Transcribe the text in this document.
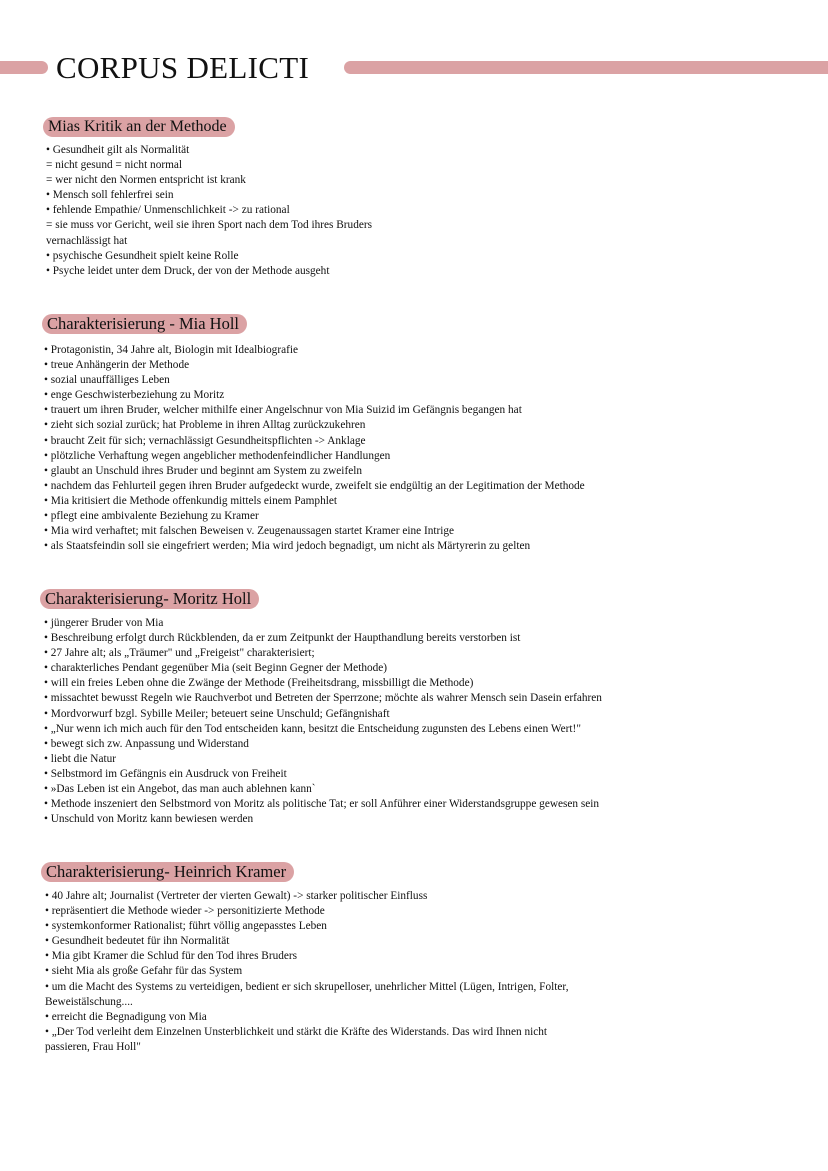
CORPUS DELICTI
Mias Kritik an der Methode
• Gesundheit gilt als Normalität
= nicht gesund = nicht normal
= wer nicht den Normen entspricht ist krank
• Mensch soll fehlerfrei sein
• fehlende Empathie/ Unmenschlichkeit -> zu rational
= sie muss vor Gericht, weil sie ihren Sport nach dem Tod ihres Bruders
vernachlässigt hat
• psychische Gesundheit spielt keine Rolle
• Psyche leidet unter dem Druck, der von der Methode ausgeht
Charakterisierung - Mia Holl
• Protagonistin, 34 Jahre alt, Biologin mit Idealbiografie
• treue Anhängerin der Methode
• sozial unauffälliges Leben
• enge Geschwisterbeziehung zu Moritz
• trauert um ihren Bruder, welcher mithilfe einer Angelschnur von Mia Suizid im Gefängnis begangen hat
• zieht sich sozial zurück; hat Probleme in ihren Alltag zurückzukehren
• braucht Zeit für sich; vernachlässigt Gesundheitspflichten -> Anklage
• plötzliche Verhaftung wegen angeblicher methodenfeindlicher Handlungen
• glaubt an Unschuld ihres Bruder und beginnt am System zu zweifeln
• nachdem das Fehlurteil gegen ihren Bruder aufgedeckt wurde, zweifelt sie endgültig an der Legitimation der Methode
• Mia kritisiert die Methode offenkundig mittels einem Pamphlet
• pflegt eine ambivalente Beziehung zu Kramer
• Mia wird verhaftet; mit falschen Beweisen v. Zeugenaussagen startet Kramer eine Intrige
• als Staatsfeindin soll sie eingefriert werden; Mia wird jedoch begnadigt, um nicht als Märtyrerin zu gelten
Charakterisierung- Moritz Holl
• jüngerer Bruder von Mia
• Beschreibung erfolgt durch Rückblenden, da er zum Zeitpunkt der Haupthandlung bereits verstorben ist
• 27 Jahre alt; als „Träumer" und „Freigeist" charakterisiert;
• charakterliches Pendant gegenüber Mia (seit Beginn Gegner der Methode)
• will ein freies Leben ohne die Zwänge der Methode (Freiheitsdrang, missbilligt die Methode)
• missachtet bewusst Regeln wie Rauchverbot und Betreten der Sperrzone; möchte als wahrer Mensch sein Dasein erfahren
• Mordvorwurf bzgl. Sybille Meiler; beteuert seine Unschuld; Gefängnishaft
• „Nur wenn ich mich auch für den Tod entscheiden kann, besitzt die Entscheidung zugunsten des Lebens einen Wert!"
• bewegt sich zw. Anpassung und Widerstand
• liebt die Natur
• Selbstmord im Gefängnis ein Ausdruck von Freiheit
• »Das Leben ist ein Angebot, das man auch ablehnen kann`
• Methode inszeniert den Selbstmord von Moritz als politische Tat; er soll Anführer einer Widerstandsgruppe gewesen sein
• Unschuld von Moritz kann bewiesen werden
Charakterisierung- Heinrich Kramer
• 40 Jahre alt; Journalist (Vertreter der vierten Gewalt) -> starker politischer Einfluss
• repräsentiert die Methode wieder -> personitizierte Methode
• systemkonformer Rationalist; führt völlig angepasstes Leben
• Gesundheit bedeutet für ihn Normalität
• Mia gibt Kramer die Schlud für den Tod ihres Bruders
• sieht Mia als große Gefahr für das System
• um die Macht des Systems zu verteidigen, bedient er sich skrupelloser, unehrlicher Mittel (Lügen, Intrigen, Folter,
Beweistälschung....
• erreicht die Begnadigung von Mia
• „Der Tod verleiht dem Einzelnen Unsterblichkeit und stärkt die Kräfte des Widerstands. Das wird Ihnen nicht
passieren, Frau Holl"
